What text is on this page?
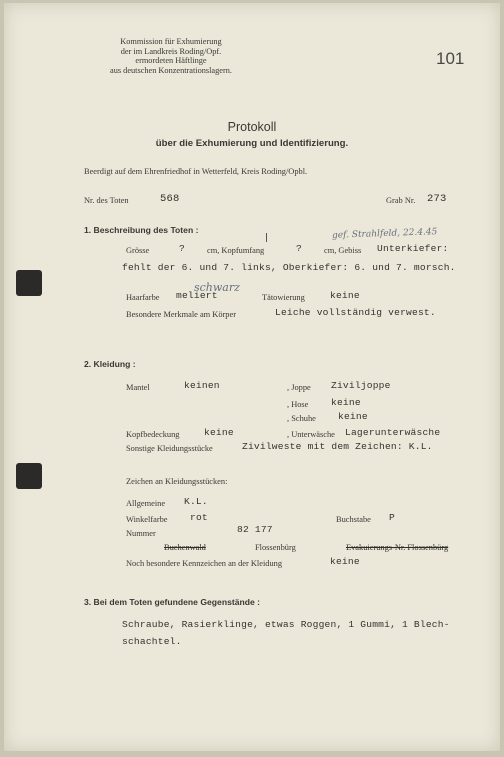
Kommission für Exhumierung
der im Landkreis Roding/Opf.
ermordeten Häftlinge
aus deutschen Konzentrationslagern.
101
Protokoll
über die Exhumierung und Identifizierung.
Beerdigt auf dem Ehrenfriedhof in Wetterfeld, Kreis Roding/Opbl.
Nr. des Toten	568	Grab Nr. 273
1. Beschreibung des Toten :	gef. Strahlfeld, 22.4.45
Grösse	?	cm, Kopfumfang	?	cm, Gebiss Unterkiefer:
fehlt der 6. und 7. links, Oberkiefer: 6. und 7. morsch.
Haarfarbe meliert
schwarz
Tätowierung	keine
Besondere Merkmale am Körper	Leiche vollständig verwest.
2. Kleidung :
Mantel	keinen	, Joppe Ziviljoppe
, Hose keine
, Schuhe keine
Kopfbedeckung	keine	, Unterwäsche Lagerunterwäsche
Sonstige Kleidungsstücke	Zivilweste mit dem Zeichen: K.L.
Zeichen an Kleidungsstücken:
Allgemeine K.L.
Winkelfarbe rot	Buchstabe P
Nummer	82 177
Buchenwald	Flossenbürg	Evakuierungs-Nr. Flossenbürg
Noch besondere Kennzeichen an der Kleidung	keine
3. Bei dem Toten gefundene Gegenstände :
Schraube, Rasierklinge, etwas Roggen, 1 Gummi, 1 Blech-
schachtel.
